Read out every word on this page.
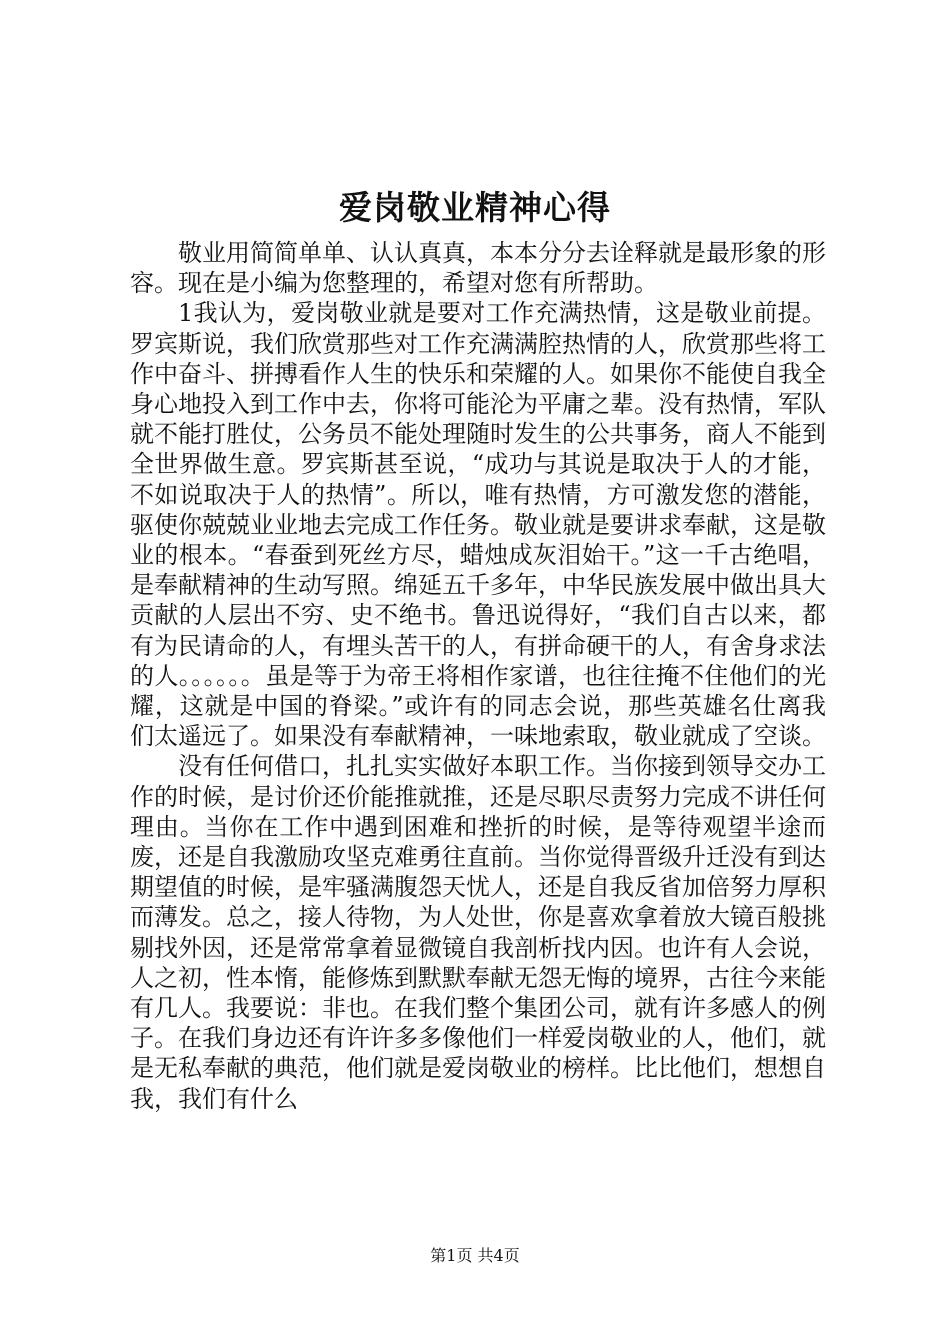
爱岗敬业精神心得

敬业用简简单单、认认真真，本本分分去诠释就是最形象的形容。现在是小编为您整理的，希望对您有所帮助。

1我认为，爱岗敬业就是要对工作充满热情，这是敬业前提。罗宾斯说，我们欣赏那些对工作充满满腔热情的人，欣赏那些将工作中奋斗、拼搏看作人生的快乐和荣耀的人。如果你不能使自我全身心地投入到工作中去，你将可能沦为平庸之辈。没有热情，军队就不能打胜仗，公务员不能处理随时发生的公共事务，商人不能到全世界做生意。罗宾斯甚至说，“成功与其说是取决于人的才能，不如说取决于人的热情”。所以，唯有热情，方可激发您的潜能，驱使你兢兢业业地去完成工作任务。敬业就是要讲求奉献，这是敬业的根本。“春蚕到死丝方尽，蜡烛成灰泪始干。”这一千古绝唱，是奉献精神的生动写照。绵延五千多年，中华民族发展中做出具大贡献的人层出不穷、史不绝书。鲁迅说得好，“我们自古以来，都有为民请命的人，有埋头苦干的人，有拼命硬干的人，有舍身求法的人。。。。。。虽是等于为帝王将相作家谱，也往往掩不住他们的光耀，这就是中国的脊梁。”或许有的同志会说，那些英雄名仕离我们太遥远了。如果没有奉献精神，一味地索取，敬业就成了空谈。

没有任何借口，扎扎实实做好本职工作。当你接到领导交办工作的时候，是讨价还价能推就推，还是尽职尽责努力完成不讲任何理由。当你在工作中遇到困难和挫折的时候，是等待观望半途而废，还是自我激励攻坚克难勇往直前。当你觉得晋级升迁没有到达期望值的时候，是牢骚满腹怨天忧人，还是自我反省加倍努力厚积而薄发。总之，接人待物，为人处世，你是喜欢拿着放大镜百般挑剔找外因，还是常常拿着显微镜自我剖析找内因。也许有人会说，人之初，性本惰，能修炼到默默奉献无怨无悔的境界，古往今来能有几人。我要说：非也。在我们整个集团公司，就有许多感人的例子。在我们身边还有许许多多像他们一样爱岗敬业的人，他们，就是无私奉献的典范，他们就是爱岗敬业的榜样。比比他们，想想自我，我们有什么

第1页 共4页
